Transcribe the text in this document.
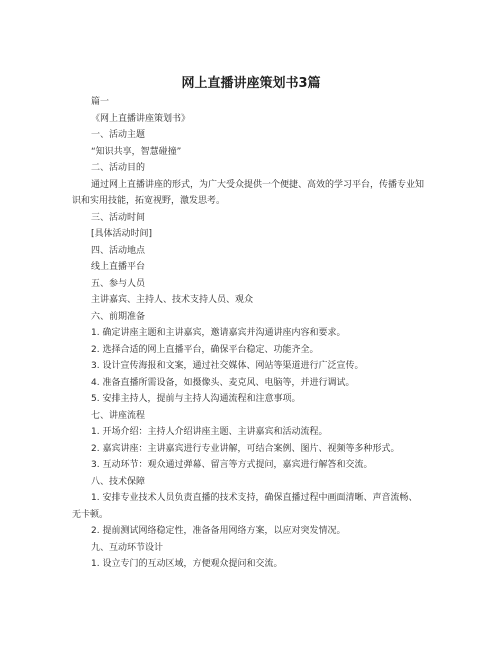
网上直播讲座策划书3篇
篇一
《网上直播讲座策划书》
一、活动主题
“知识共享，智慧碰撞”
二、活动目的
通过网上直播讲座的形式，为广大受众提供一个便捷、高效的学习平台，传播专业知
识和实用技能，拓宽视野，激发思考。
三、活动时间
[具体活动时间]
四、活动地点
线上直播平台
五、参与人员
主讲嘉宾、主持人、技术支持人员、观众
六、前期准备
1. 确定讲座主题和主讲嘉宾，邀请嘉宾并沟通讲座内容和要求。
2. 选择合适的网上直播平台，确保平台稳定、功能齐全。
3. 设计宣传海报和文案，通过社交媒体、网站等渠道进行广泛宣传。
4. 准备直播所需设备，如摄像头、麦克风、电脑等，并进行调试。
5. 安排主持人，提前与主持人沟通流程和注意事项。
七、讲座流程
1. 开场介绍：主持人介绍讲座主题、主讲嘉宾和活动流程。
2. 嘉宾讲座：主讲嘉宾进行专业讲解，可结合案例、图片、视频等多种形式。
3. 互动环节：观众通过弹幕、留言等方式提问，嘉宾进行解答和交流。
八、技术保障
1. 安排专业技术人员负责直播的技术支持，确保直播过程中画面清晰、声音流畅、
无卡顿。
2. 提前测试网络稳定性，准备备用网络方案，以应对突发情况。
九、互动环节设计
1. 设立专门的互动区域，方便观众提问和交流。
